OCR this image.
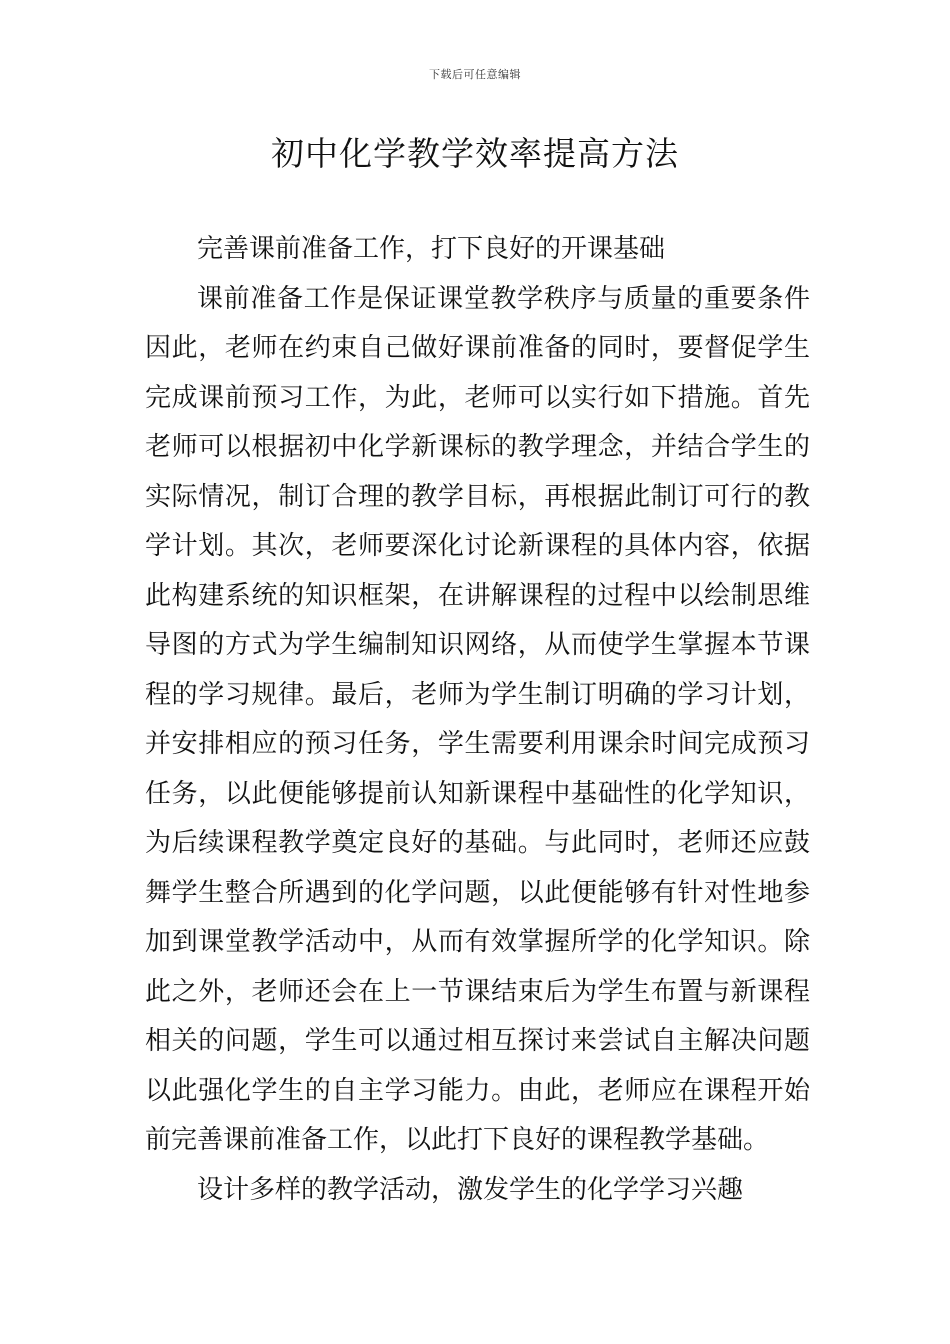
下载后可任意编辑
初中化学教学效率提高方法

完善课前准备工作，打下良好的开课基础

课前准备工作是保证课堂教学秩序与质量的重要条件因此，老师在约束自己做好课前准备的同时，要督促学生完成课前预习工作，为此，老师可以实行如下措施。首先老师可以根据初中化学新课标的教学理念，并结合学生的实际情况，制订合理的教学目标，再根据此制订可行的教学计划。其次，老师要深化讨论新课程的具体内容，依据此构建系统的知识框架，在讲解课程的过程中以绘制思维导图的方式为学生编制知识网络，从而使学生掌握本节课程的学习规律。最后，老师为学生制订明确的学习计划，并安排相应的预习任务，学生需要利用课余时间完成预习任务，以此便能够提前认知新课程中基础性的化学知识，为后续课程教学奠定良好的基础。与此同时，老师还应鼓舞学生整合所遇到的化学问题，以此便能够有针对性地参加到课堂教学活动中，从而有效掌握所学的化学知识。除此之外，老师还会在上一节课结束后为学生布置与新课程相关的问题，学生可以通过相互探讨来尝试自主解决问题以此强化学生的自主学习能力。由此，老师应在课程开始前完善课前准备工作，以此打下良好的课程教学基础。

设计多样的教学活动，激发学生的化学学习兴趣
